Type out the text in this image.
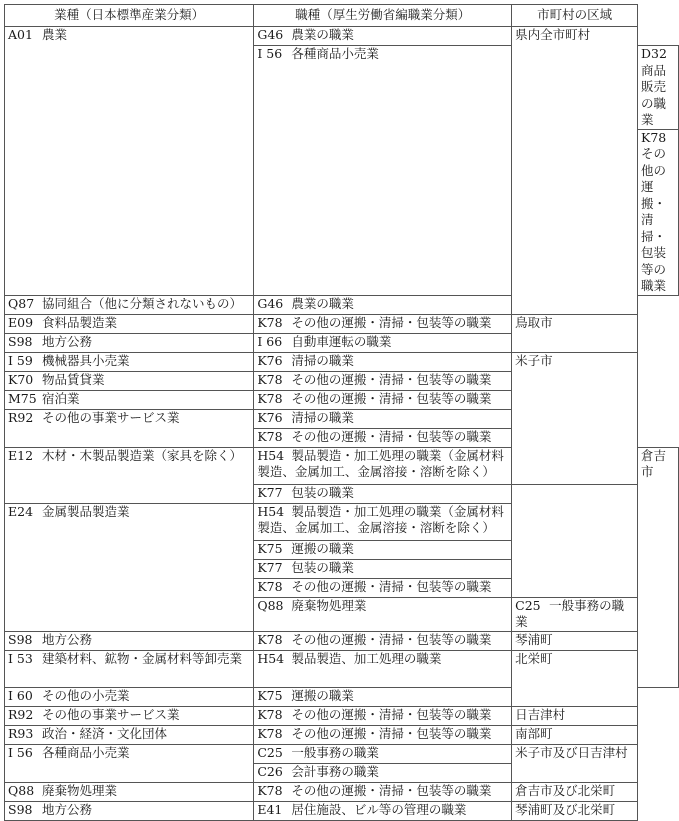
業種（日本標準産業分類）	職種（厚生労働省編職業分類）	市町村の区域	
A01 農業	G46 農業の職業	県内全市町村	
	I 56 各種商品小売業		D32商品販売の職業
			K78その他の運搬・清掃・包装等の職業
Q87 協同組合（他に分類されないもの）	G46 農業の職業		
E09 食料品製造業	K78 その他の運搬・清掃・包装等の職業	鳥取市	
S98 地方公務	I 66 自動車運転の職業		
I 59 機械器具小売業	K76 清掃の職業	米子市	
K70 物品賃貸業	K78 その他の運搬・清掃・包装等の職業		
M75 宿泊業	K78 その他の運搬・清掃・包装等の職業		
R92 その他の事業サービス業	K76 清掃の職業		
	K78 その他の運搬・清掃・包装等の職業		
E12 木材・木製品製造業（家具を除く）	H54 製品製造・加工処理の職業（金属材料製造、金属加工、金属溶接・溶断を除く）		倉吉市
	K77 包装の職業		
E24 金属製品製造業	H54 製品製造・加工処理の職業（金属材料製造、金属加工、金属溶接・溶断を除く）		
	K75 運搬の職業		
	K77 包装の職業		
	K78 その他の運搬・清掃・包装等の職業		
	Q88 廃棄物処理業	C25 一般事務の職業	
S98 地方公務	K78 その他の運搬・清掃・包装等の職業	琴浦町	
I 53 建築材料、鉱物・金属材料等卸売業	H54 製品製造、加工処理の職業	北栄町	
I 60 その他の小売業	K75 運搬の職業		
R92 その他の事業サービス業	K78 その他の運搬・清掃・包装等の職業	日吉津村	
R93 政治・経済・文化団体	K78 その他の運搬・清掃・包装等の職業	南部町	
I 56 各種商品小売業	C25 一般事務の職業	米子市及び日吉津村	
	C26 会計事務の職業		
Q88 廃棄物処理業	K78 その他の運搬・清掃・包装等の職業	倉吉市及び北栄町	
S98 地方公務	E41 居住施設、ビル等の管理の職業	琴浦町及び北栄町	
